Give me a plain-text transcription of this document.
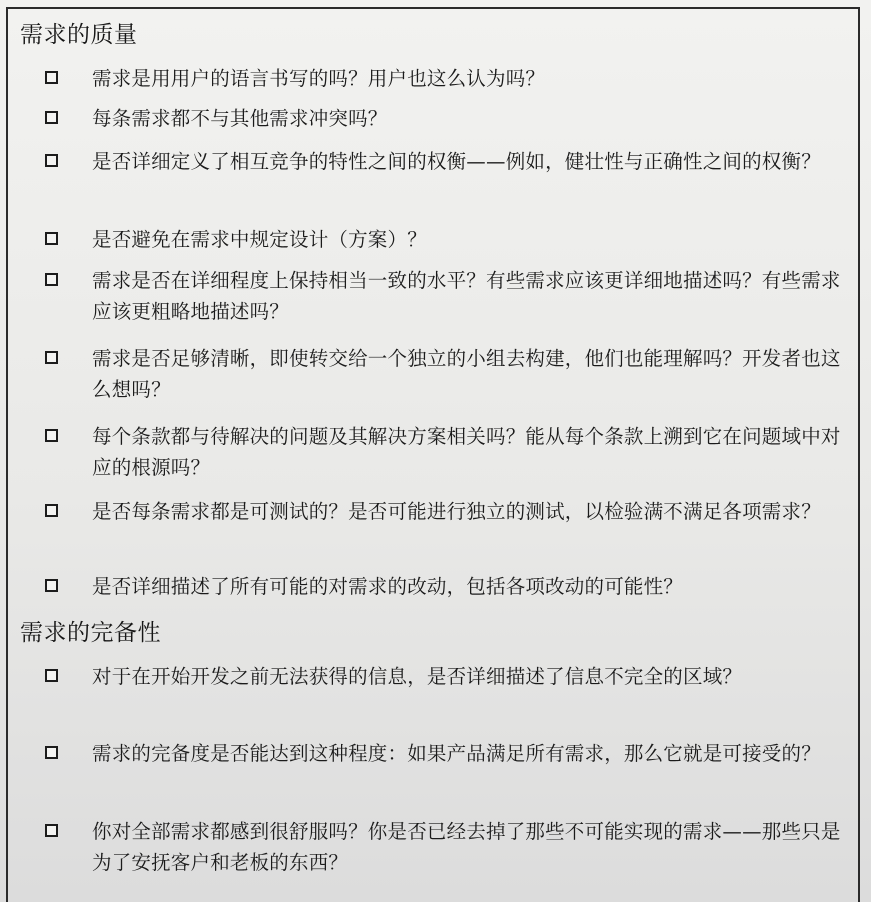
需求的质量
需求是用用户的语言书写的吗？用户也这么认为吗？
每条需求都不与其他需求冲突吗？
是否详细定义了相互竞争的特性之间的权衡——例如，健壮性与正确性之间的权衡？
是否避免在需求中规定设计（方案）？
需求是否在详细程度上保持相当一致的水平？有些需求应该更详细地描述吗？有些需求应该更粗略地描述吗？
需求是否足够清晰，即使转交给一个独立的小组去构建，他们也能理解吗？开发者也这么想吗？
每个条款都与待解决的问题及其解决方案相关吗？能从每个条款上溯到它在问题域中对应的根源吗？
是否每条需求都是可测试的？是否可能进行独立的测试，以检验满不满足各项需求？
是否详细描述了所有可能的对需求的改动，包括各项改动的可能性？
需求的完备性
对于在开始开发之前无法获得的信息，是否详细描述了信息不完全的区域？
需求的完备度是否能达到这种程度：如果产品满足所有需求，那么它就是可接受的？
你对全部需求都感到很舒服吗？你是否已经去掉了那些不可能实现的需求——那些只是为了安抚客户和老板的东西？
